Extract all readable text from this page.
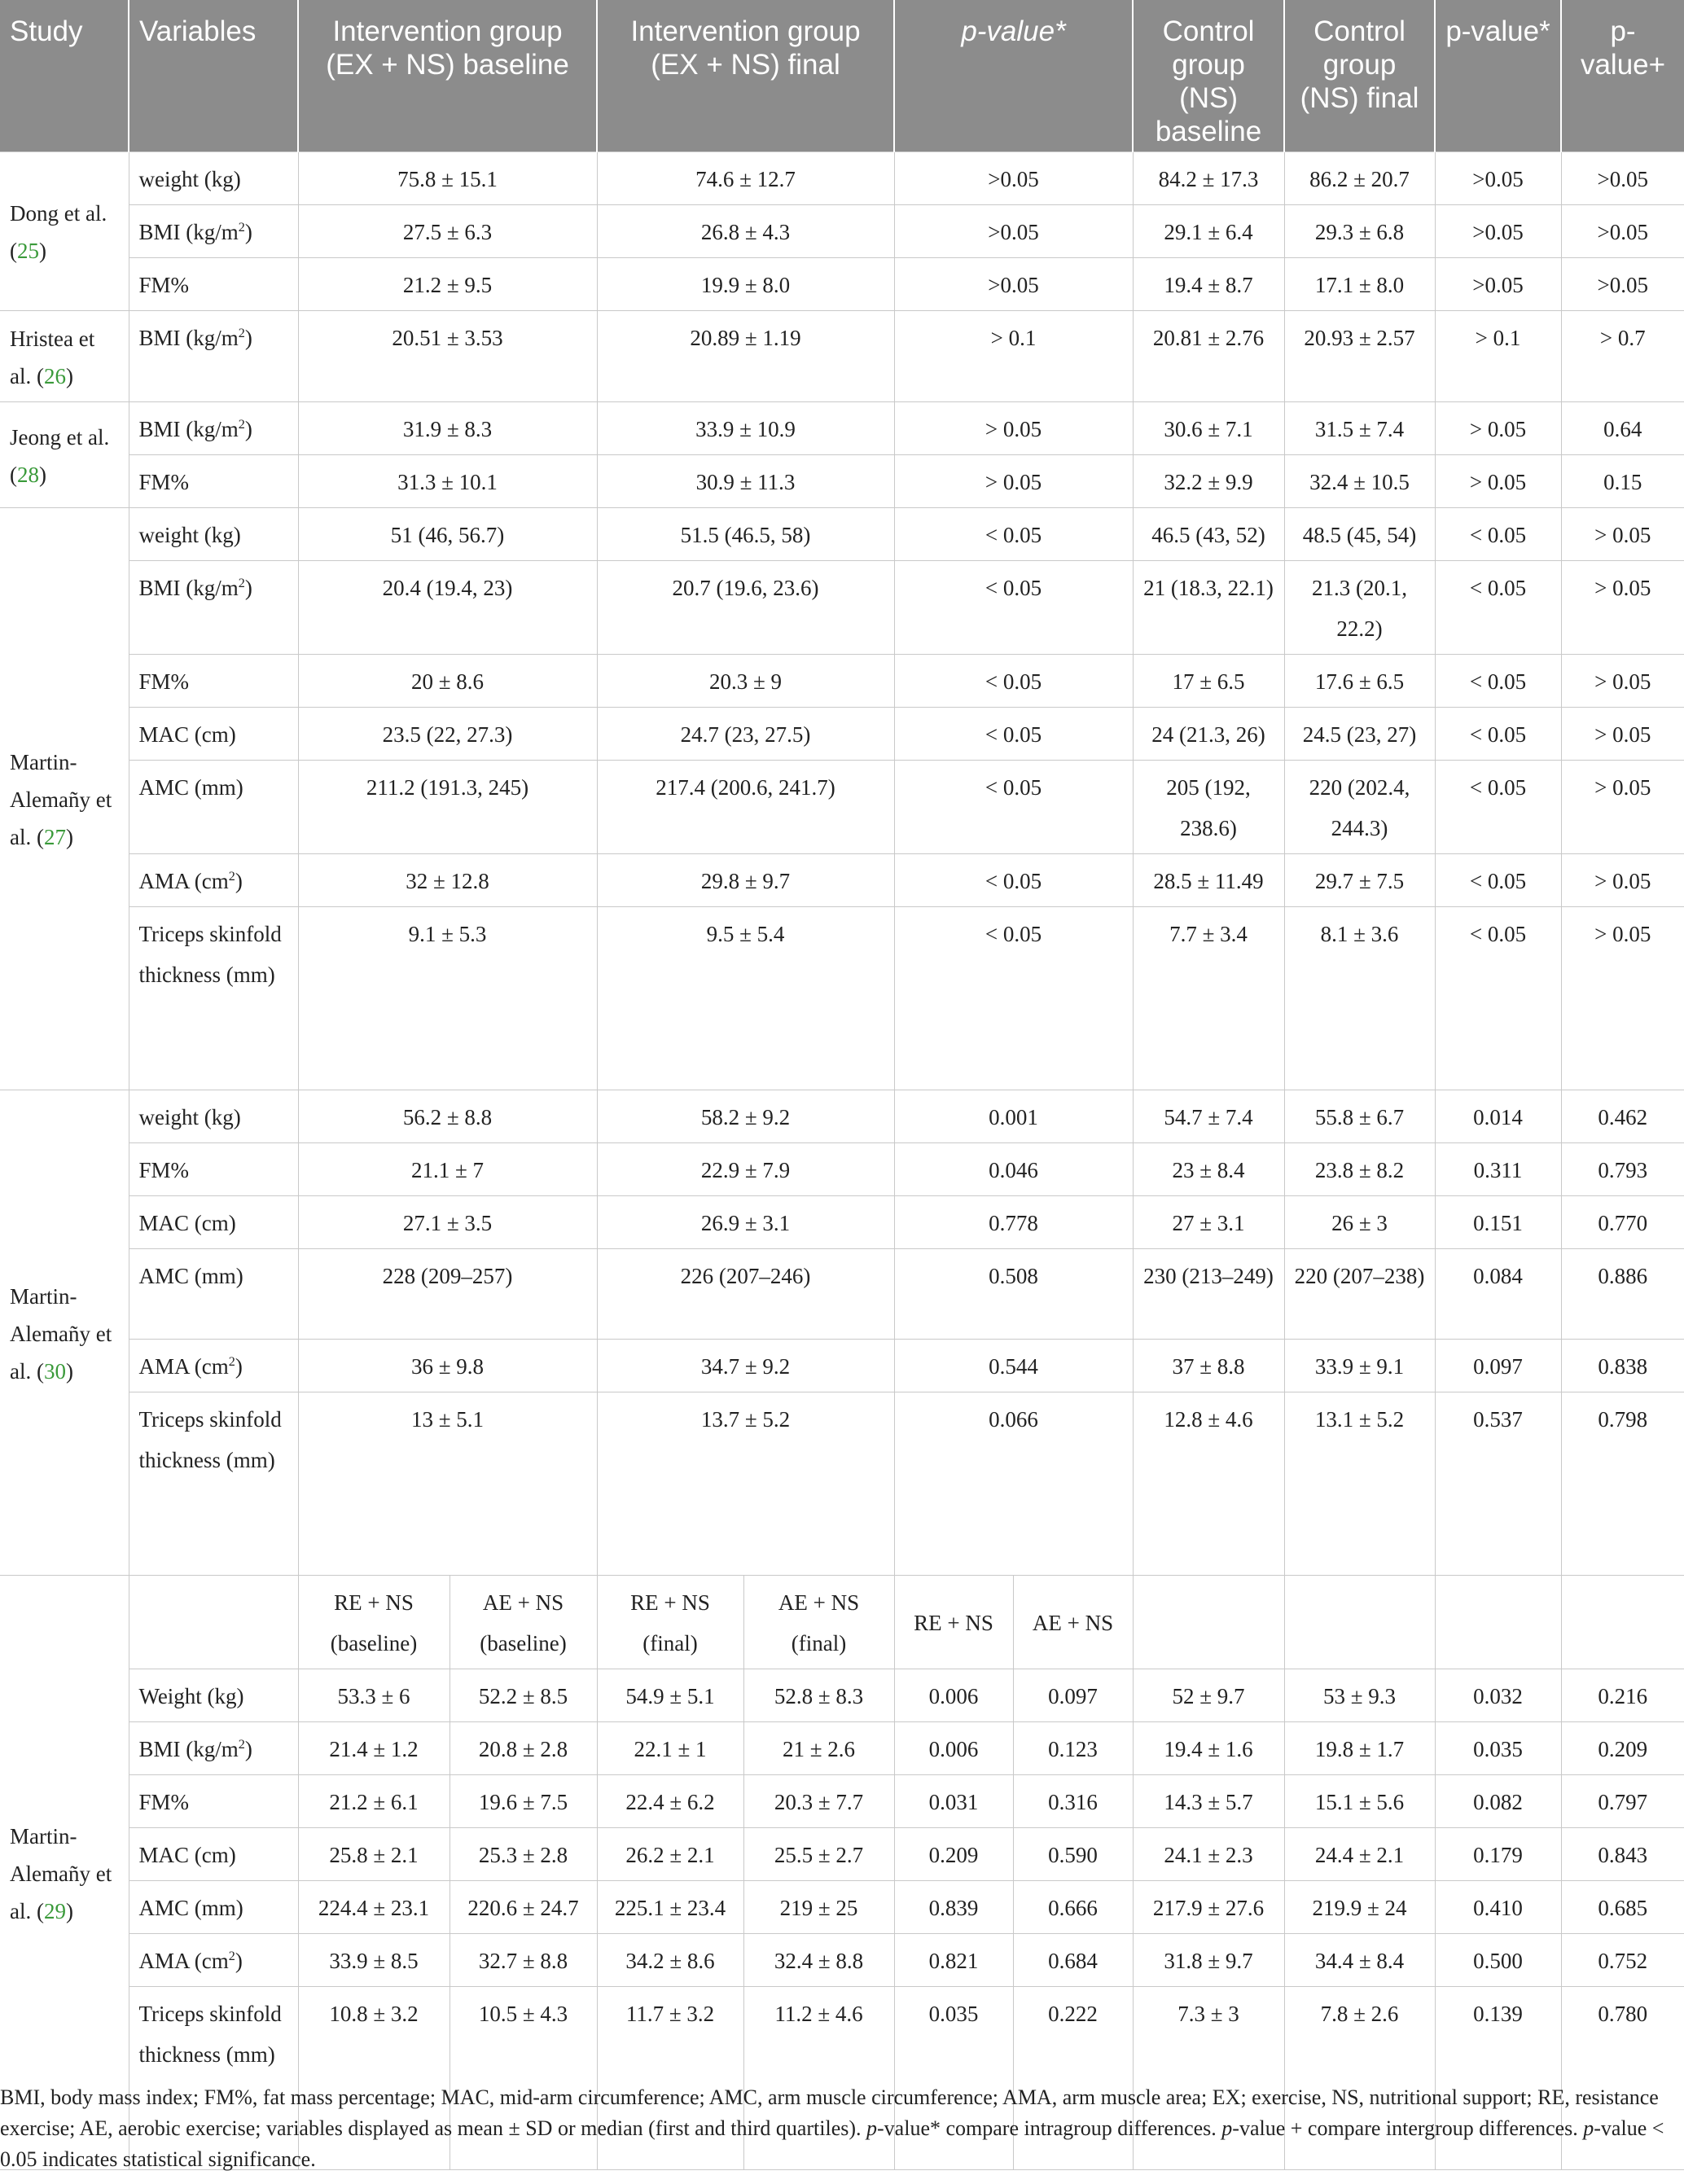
Study	Variables	Intervention group (EX + NS) baseline		Intervention group (EX + NS) final		p-value*		Control group (NS) baseline	Control group (NS) final	p-value*	p-value+
Dong et al. (25)	weight (kg)	75.8 ± 15.1		74.6 ± 12.7		>0.05		84.2 ± 17.3	86.2 ± 20.7	>0.05	>0.05
	BMI $(kg/m^2)$	27.5 ± 6.3		26.8 ± 4.3		>0.05		29.1 ± 6.4	29.3 ± 6.8	>0.05	>0.05
	FM%	21.2 ± 9.5		19.9 ± 8.0		>0.05		19.4 ± 8.7	17.1 ± 8.0	>0.05	>0.05
Hristea et al. (26)	BMI $(kg/m^2)$	20.51 ± 3.53		20.89 ± 1.19		> 0.1		20.81 ± 2.76	20.93 ± 2.57	> 0.1	> 0.7
Jeong et al. (28)	BMI $(kg/m^2)$	31.9 ± 8.3		33.9 ± 10.9		> 0.05		30.6 ± 7.1	31.5 ± 7.4	> 0.05	0.64
	FM%	31.3 ± 10.1		30.9 ± 11.3		> 0.05		32.2 ± 9.9	32.4 ± 10.5	> 0.05	0.15
Martin-Alemañy et al. (27)	weight (kg)	51 (46, 56.7)		51.5 (46.5, 58)		< 0.05		46.5 (43, 52)	48.5 (45, 54)	< 0.05	> 0.05
	BMI $(kg/m^2)$	20.4 (19.4, 23)		20.7 (19.6, 23.6)		< 0.05		21 (18.3, 22.1)	21.3 (20.1, 22.2)	< 0.05	> 0.05
	FM%	20 ± 8.6		20.3 ± 9		< 0.05		17 ± 6.5	17.6 ± 6.5	< 0.05	> 0.05
	MAC (cm)	23.5 (22, 27.3)		24.7 (23, 27.5)		< 0.05		24 (21.3, 26)	24.5 (23, 27)	< 0.05	> 0.05
	AMC (mm)	211.2 (191.3, 245)		217.4 (200.6, 241.7)		< 0.05		205 (192, 238.6)	220 (202.4, 244.3)	< 0.05	> 0.05
	AMA $(cm^2)$	32 ± 12.8		29.8 ± 9.7		< 0.05		28.5 ± 11.49	29.7 ± 7.5	< 0.05	> 0.05
	Triceps skinfold thickness (mm)	9.1 ± 5.3		9.5 ± 5.4		< 0.05		7.7 ± 3.4	8.1 ± 3.6	< 0.05	> 0.05
Martin-Alemañy et al. (30)	weight (kg)	56.2 ± 8.8		58.2 ± 9.2		0.001		54.7 ± 7.4	55.8 ± 6.7	0.014	0.462
	FM%	21.1 ± 7		22.9 ± 7.9		0.046		23 ± 8.4	23.8 ± 8.2	0.311	0.793
	MAC (cm)	27.1 ± 3.5		26.9 ± 3.1		0.778		27 ± 3.1	26 ± 3	0.151	0.770
	AMC (mm)	228 (209–257)		226 (207–246)		0.508		230 (213–249)	220 (207–238)	0.084	0.886
	AMA $(cm^2)$	36 ± 9.8		34.7 ± 9.2		0.544		37 ± 8.8	33.9 ± 9.1	0.097	0.838
	Triceps skinfold thickness (mm)	13 ± 5.1		13.7 ± 5.2		0.066		12.8 ± 4.6	13.1 ± 5.2	0.537	0.798
Martin-Alemañy et al. (29)		RE + NS (baseline)	AE + NS (baseline)	RE + NS (final)	AE + NS (final)	RE + NS	AE + NS				
	Weight (kg)	53.3 ± 6	52.2 ± 8.5	54.9 ± 5.1	52.8 ± 8.3	0.006	0.097	52 ± 9.7	53 ± 9.3	0.032	0.216
	BMI $(kg/m^2)$	21.4 ± 1.2	20.8 ± 2.8	22.1 ± 1	21 ± 2.6	0.006	0.123	19.4 ± 1.6	19.8 ± 1.7	0.035	0.209
	FM%	21.2 ± 6.1	19.6 ± 7.5	22.4 ± 6.2	20.3 ± 7.7	0.031	0.316	14.3 ± 5.7	15.1 ± 5.6	0.082	0.797
	MAC (cm)	25.8 ± 2.1	25.3 ± 2.8	26.2 ± 2.1	25.5 ± 2.7	0.209	0.590	24.1 ± 2.3	24.4 ± 2.1	0.179	0.843
	AMC (mm)	224.4 ± 23.1	220.6 ± 24.7	225.1 ± 23.4	219 ± 25	0.839	0.666	217.9 ± 27.6	219.9 ± 24	0.410	0.685
	AMA $(cm^2)$	33.9 ± 8.5	32.7 ± 8.8	34.2 ± 8.6	32.4 ± 8.8	0.821	0.684	31.8 ± 9.7	34.4 ± 8.4	0.500	0.752
	Triceps skinfold thickness (mm)	10.8 ± 3.2	10.5 ± 4.3	11.7 ± 3.2	11.2 ± 4.6	0.035	0.222	7.3 ± 3	7.8 ± 2.6	0.139	0.780
BMI, body mass index; FM%, fat mass percentage; MAC, mid-arm circumference; AMC, arm muscle circumference; AMA, arm muscle area; EX; exercise, NS, nutritional support; RE, resistance exercise; AE, aerobic exercise; variables displayed as mean ± SD or median (first and third quartiles). p-value* compare intragroup differences. p-value + compare intergroup differences. p-value < 0.05 indicates statistical significance.
